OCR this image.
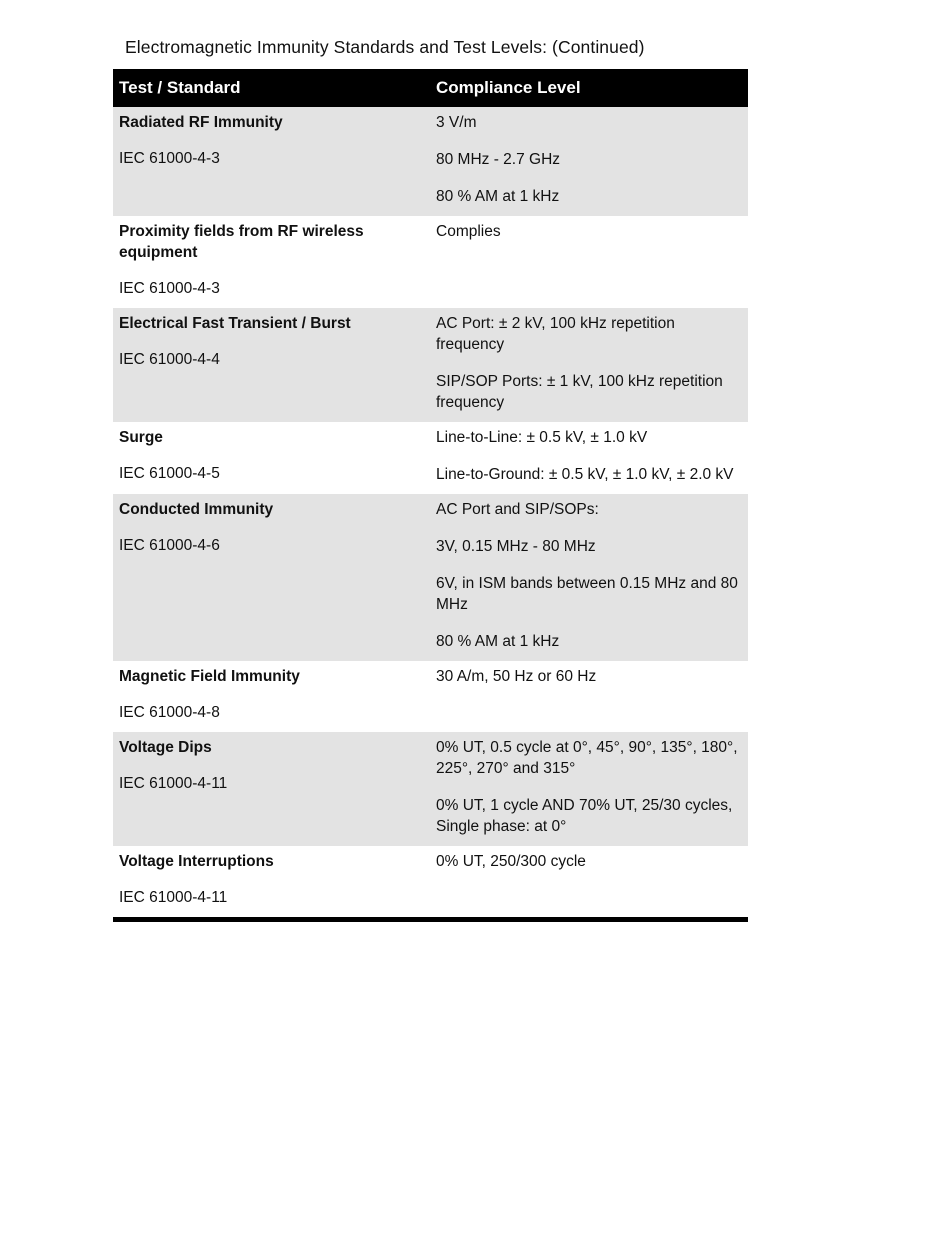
Electromagnetic Immunity Standards and Test Levels: (Continued)
Test / Standard	Compliance Level

Radiated RF Immunity
IEC 61000-4-3	3 V/m
80 MHz - 2.7 GHz
80 % AM at 1 kHz

Proximity fields from RF wireless equipment
IEC 61000-4-3	Complies

Electrical Fast Transient / Burst
IEC 61000-4-4	AC Port: ± 2 kV, 100 kHz repetition frequency
SIP/SOP Ports: ± 1 kV, 100 kHz repetition frequency

Surge
IEC 61000-4-5	Line-to-Line: ± 0.5 kV, ± 1.0 kV
Line-to-Ground: ± 0.5 kV, ± 1.0 kV, ± 2.0 kV

Conducted Immunity
IEC 61000-4-6	AC Port and SIP/SOPs:
3V, 0.15 MHz - 80 MHz
6V, in ISM bands between 0.15 MHz and 80 MHz
80 % AM at 1 kHz

Magnetic Field Immunity
IEC 61000-4-8	30 A/m, 50 Hz or 60 Hz

Voltage Dips
IEC 61000-4-11	0% UT, 0.5 cycle at 0°, 45°, 90°, 135°, 180°, 225°, 270° and 315°
0% UT, 1 cycle AND 70% UT, 25/30 cycles, Single phase: at 0°

Voltage Interruptions
IEC 61000-4-11	0% UT, 250/300 cycle
